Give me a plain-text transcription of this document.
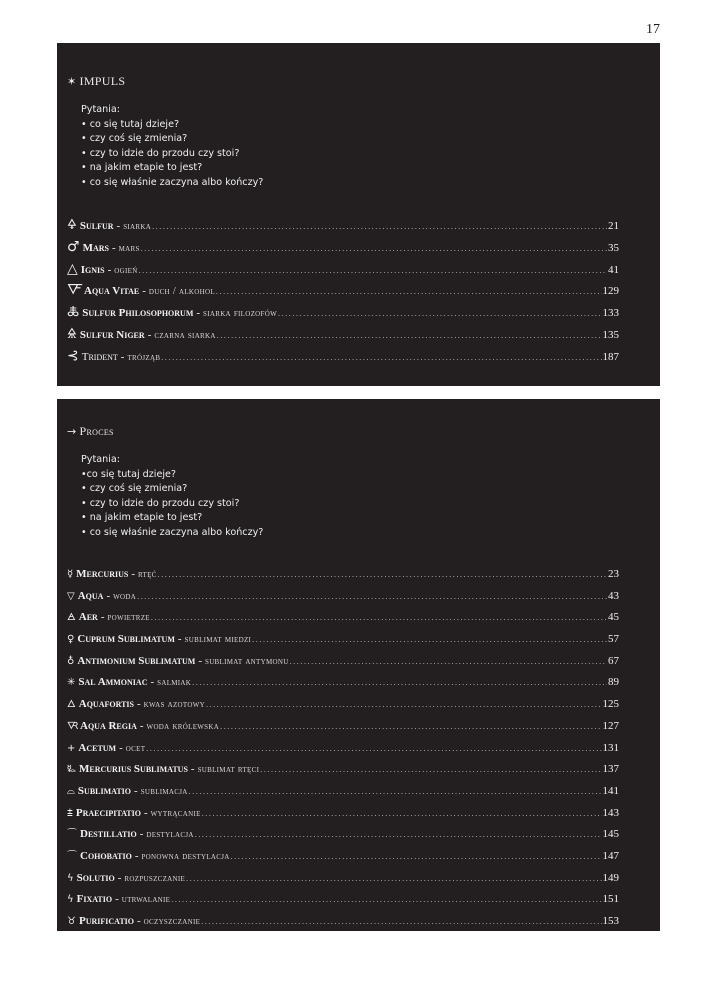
17
✶ IMPULS

Pytania:

• co się tutaj dzieje?
• czy coś się zmienia?
• czy to idzie do przodu czy stoi?
• na jakim etapie to jest?
• co się właśnie zaczyna albo kończy?
🜍 Sulfur - siarka .....	21
♂ Mars - mars .....	35
△ Ignis - ogień .....	41
🜅 Aqua Vitae - duch / alkohol .....	129
🜏 Sulfur Philosophorum - siarka filozofów .....	133
🜎 Sulfur Niger - czarna siarka .....	135
⊰ Trident - trójząb .....	187
→ Proces

Pytania:

•co się tutaj dzieje?
• czy coś się zmienia?
• czy to idzie do przodu czy stoi?
• na jakim etapie to jest?
• co się właśnie zaczyna albo kończy?
☿ Mercurius - rtęć .....	23
▽ Aqua - woda .....	43
🜁 Aer - powietrze .....	45
♀ Cuprum Sublimatum - sublimat miedzi .....	57
♁ Antimonium Sublimatum - sublimat antymonu .....	67
✳ Sal Ammoniac - salmiak .....	89
🜂 Aquafortis - kwas azotowy .....	125
🜆 Aqua Regia - woda królewska .....	127
+ Acetum - ocet .....	131
🜐 Mercurius Sublimatus - sublimat rtęci .....	137
⌓ Sublimatio - sublimacja .....	141
⩲ Praecipitatio - wytrącanie .....	143
⌒ Destillatio - destylacja .....	145
⌒ Cohobatio - ponowna destylacja .....	147
ϟ Solutio - rozpuszczanie .....	149
ϟ Fixatio - utrwalanie .....	151
♉ Purificatio - oczyszczanie .....	153
